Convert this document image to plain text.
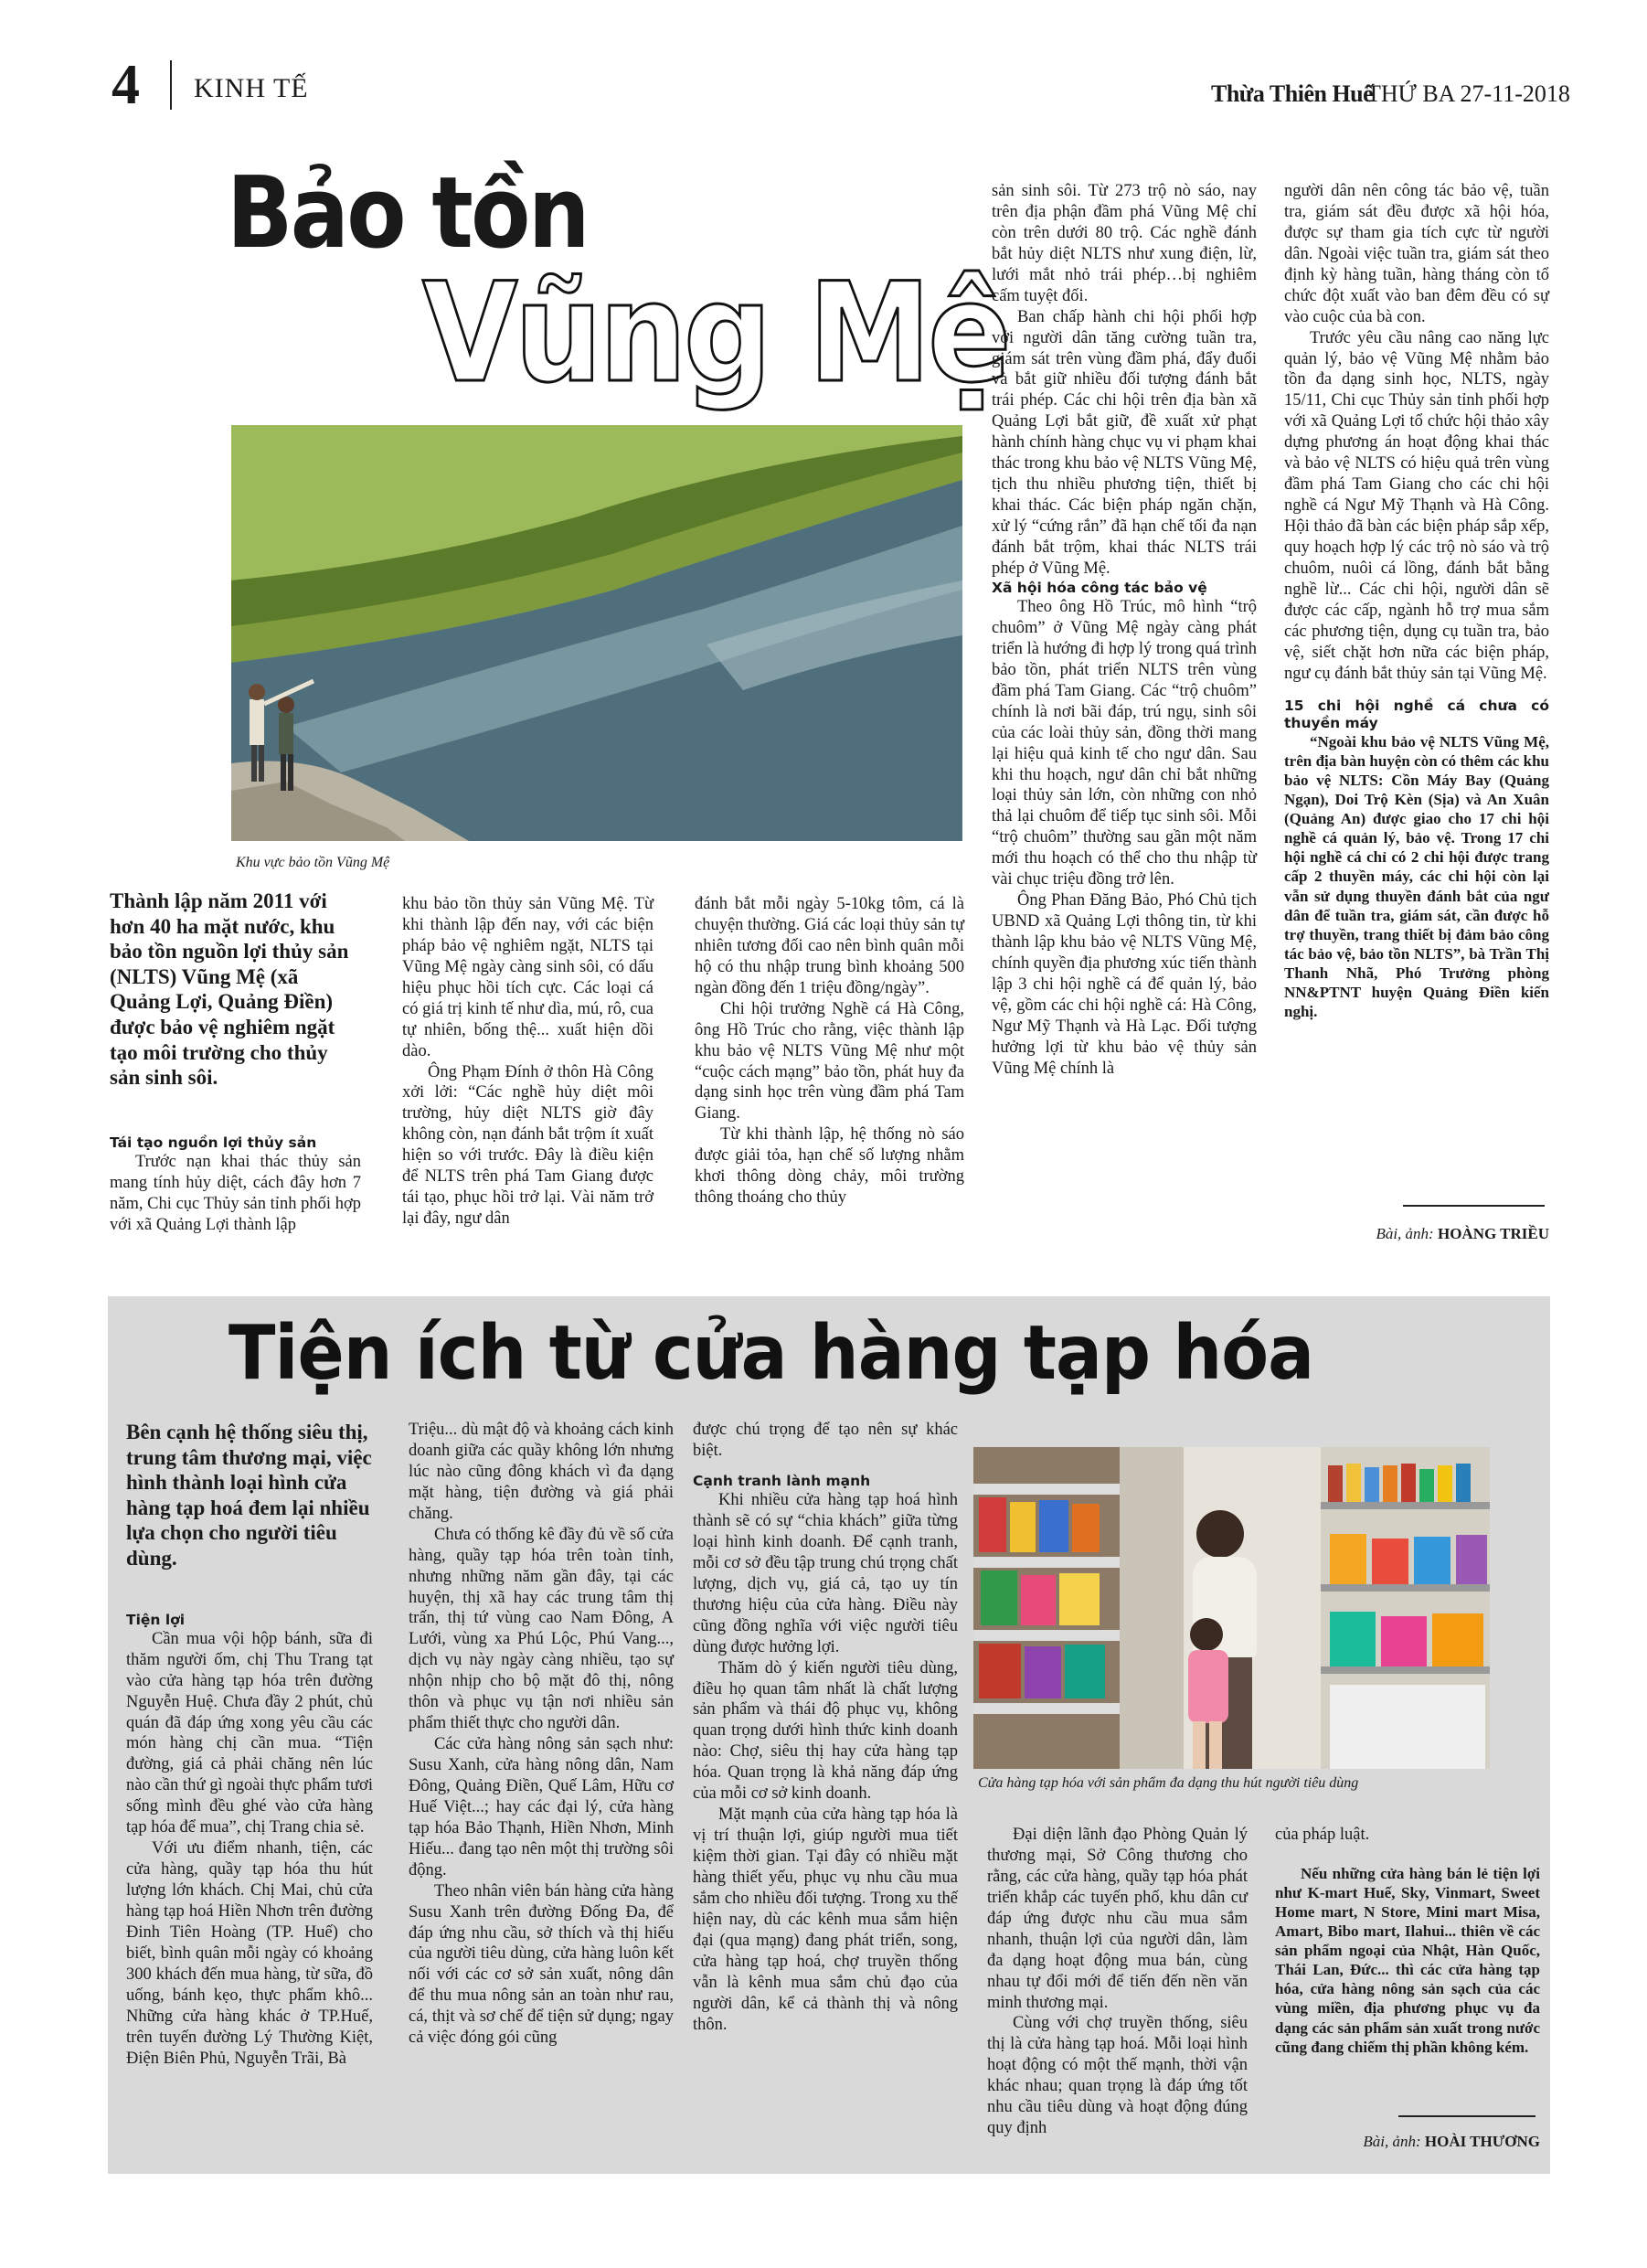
4 KINH TẾ	Thừa Thiên Huế
THỨ BA 27-11-2018
Bảo tồn
Vũng Mệ
Khu vực bảo tồn Vũng Mệ

Thành lập năm 2011 với hơn 40 ha mặt nước, khu bảo tồn nguồn lợi thủy sản (NLTS) Vũng Mệ (xã Quảng Lợi, Quảng Điền) được bảo vệ nghiêm ngặt tạo môi trường cho thủy sản sinh sôi.

Tái tạo nguồn lợi thủy sản

Trước nạn khai thác thủy sản mang tính hủy diệt, cách đây hơn 7 năm, Chi cục Thủy sản tỉnh phối hợp với xã Quảng Lợi thành lập

khu bảo tồn thủy sản Vũng Mệ. Từ khi thành lập đến nay, với các biện pháp bảo vệ nghiêm ngặt, NLTS tại Vũng Mệ ngày càng sinh sôi, có dấu hiệu phục hồi tích cực. Các loại cá có giá trị kinh tế như dìa, mú, rô, cua tự nhiên, bống thệ... xuất hiện dồi dào.

Ông Phạm Đính ở thôn Hà Công xởi lởi: “Các nghề hủy diệt môi trường, hủy diệt NLTS giờ đây không còn, nạn đánh bắt trộm ít xuất hiện so với trước. Đây là điều kiện để NLTS trên phá Tam Giang được tái tạo, phục hồi trở lại. Vài năm trở lại đây, ngư dân

đánh bắt mỗi ngày 5-10kg tôm, cá là chuyện thường. Giá các loại thủy sản tự nhiên tương đối cao nên bình quân mỗi hộ có thu nhập trung bình khoảng 500 ngàn đồng đến 1 triệu đồng/ngày”.

Chi hội trưởng Nghề cá Hà Công, ông Hồ Trúc cho rằng, việc thành lập khu bảo vệ NLTS Vũng Mệ như một “cuộc cách mạng” bảo tồn, phát huy đa dạng sinh học trên vùng đầm phá Tam Giang.

Từ khi thành lập, hệ thống nò sáo được giải tỏa, hạn chế số lượng nhằm khơi thông dòng chảy, môi trường thông thoáng cho thủy

sản sinh sôi. Từ 273 trộ nò sáo, nay trên địa phận đầm phá Vũng Mệ chỉ còn trên dưới 80 trộ. Các nghề đánh bắt hủy diệt NLTS như xung điện, lừ, lưới mắt nhỏ trái phép…bị nghiêm cấm tuyệt đối.

Ban chấp hành chi hội phối hợp với người dân tăng cường tuần tra, giám sát trên vùng đầm phá, đẩy đuổi và bắt giữ nhiều đối tượng đánh bắt trái phép. Các chi hội trên địa bàn xã Quảng Lợi bắt giữ, đề xuất xử phạt hành chính hàng chục vụ vi phạm khai thác trong khu bảo vệ NLTS Vũng Mệ, tịch thu nhiều phương tiện, thiết bị khai thác. Các biện pháp ngăn chặn, xử lý “cứng rắn” đã hạn chế tối đa nạn đánh bắt trộm, khai thác NLTS trái phép ở Vũng Mệ.

Xã hội hóa công tác bảo vệ

Theo ông Hồ Trúc, mô hình “trộ chuôm” ở Vũng Mệ ngày càng phát triển là hướng đi hợp lý trong quá trình bảo tồn, phát triển NLTS trên vùng đầm phá Tam Giang. Các “trộ chuôm” chính là nơi bãi đáp, trú ngụ, sinh sôi của các loài thủy sản, đồng thời mang lại hiệu quả kinh tế cho ngư dân. Sau khi thu hoạch, ngư dân chỉ bắt những loại thủy sản lớn, còn những con nhỏ thả lại chuôm để tiếp tục sinh sôi. Mỗi “trộ chuôm” thường sau gần một năm mới thu hoạch có thể cho thu nhập từ vài chục triệu đồng trở lên.

Ông Phan Đăng Bảo, Phó Chủ tịch UBND xã Quảng Lợi thông tin, từ khi thành lập khu bảo vệ NLTS Vũng Mệ, chính quyền địa phương xúc tiến thành lập 3 chi hội nghề cá để quản lý, bảo vệ, gồm các chi hội nghề cá: Hà Công, Ngư Mỹ Thạnh và Hà Lạc. Đối tượng hưởng lợi từ khu bảo vệ thủy sản Vũng Mệ chính là

người dân nên công tác bảo vệ, tuần tra, giám sát đều được xã hội hóa, được sự tham gia tích cực từ người dân. Ngoài việc tuần tra, giám sát theo định kỳ hàng tuần, hàng tháng còn tổ chức đột xuất vào ban đêm đều có sự vào cuộc của bà con.

Trước yêu cầu nâng cao năng lực quản lý, bảo vệ Vũng Mệ nhằm bảo tồn đa dạng sinh học, NLTS, ngày 15/11, Chi cục Thủy sản tỉnh phối hợp với xã Quảng Lợi tổ chức hội thảo xây dựng phương án hoạt động khai thác và bảo vệ NLTS có hiệu quả trên vùng đầm phá Tam Giang cho các chi hội nghề cá Ngư Mỹ Thạnh và Hà Công. Hội thảo đã bàn các biện pháp sắp xếp, quy hoạch hợp lý các trộ nò sáo và trộ chuôm, nuôi cá lồng, đánh bắt bằng nghề lừ... Các chi hội, người dân sẽ được các cấp, ngành hỗ trợ mua sắm các phương tiện, dụng cụ tuần tra, bảo vệ, siết chặt hơn nữa các biện pháp, ngư cụ đánh bắt thủy sản tại Vũng Mệ.

15 chi hội nghề cá chưa có thuyền máy

“Ngoài khu bảo vệ NLTS Vũng Mệ, trên địa bàn huyện còn có thêm các khu bảo vệ NLTS: Cồn Máy Bay (Quảng Ngạn), Doi Trộ Kèn (Sịa) và An Xuân (Quảng An) được giao cho 17 chi hội nghề cá quản lý, bảo vệ. Trong 17 chi hội nghề cá chỉ có 2 chi hội được trang cấp 2 thuyền máy, các chi hội còn lại vẫn sử dụng thuyền đánh bắt của ngư dân để tuần tra, giám sát, cần được hỗ trợ thuyền, trang thiết bị đảm bảo công tác bảo vệ, bảo tồn NLTS”, bà Trần Thị Thanh Nhã, Phó Trưởng phòng NN&PTNT huyện Quảng Điền kiến nghị.

Bài, ảnh: HOÀNG TRIỀU
Tiện ích từ cửa hàng tạp hóa

Bên cạnh hệ thống siêu thị, trung tâm thương mại, việc hình thành loại hình cửa hàng tạp hoá đem lại nhiều lựa chọn cho người tiêu dùng.

Tiện lợi

Cần mua vội hộp bánh, sữa đi thăm người ốm, chị Thu Trang tạt vào cửa hàng tạp hóa trên đường Nguyễn Huệ. Chưa đầy 2 phút, chủ quán đã đáp ứng xong yêu cầu các món hàng chị cần mua. “Tiện đường, giá cả phải chăng nên lúc nào cần thứ gì ngoài thực phẩm tươi sống mình đều ghé vào cửa hàng tạp hóa để mua”, chị Trang chia sẻ.

Với ưu điểm nhanh, tiện, các cửa hàng, quầy tạp hóa thu hút lượng lớn khách. Chị Mai, chủ cửa hàng tạp hoá Hiền Nhơn trên đường Đinh Tiên Hoàng (TP. Huế) cho biết, bình quân mỗi ngày có khoảng 300 khách đến mua hàng, từ sữa, đồ uống, bánh kẹo, thực phẩm khô... Những cửa hàng khác ở TP.Huế, trên tuyến đường Lý Thường Kiệt, Điện Biên Phủ, Nguyễn Trãi, Bà

Triệu... dù mật độ và khoảng cách kinh doanh giữa các quầy không lớn nhưng lúc nào cũng đông khách vì đa dạng mặt hàng, tiện đường và giá phải chăng.

Chưa có thống kê đầy đủ về số cửa hàng, quầy tạp hóa trên toàn tỉnh, nhưng những năm gần đây, tại các huyện, thị xã hay các trung tâm thị trấn, thị tứ vùng cao Nam Đông, A Lưới, vùng xa Phú Lộc, Phú Vang..., dịch vụ này ngày càng nhiều, tạo sự nhộn nhịp cho bộ mặt đô thị, nông thôn và phục vụ tận nơi nhiều sản phẩm thiết thực cho người dân.

Các cửa hàng nông sản sạch như: Susu Xanh, cửa hàng nông dân, Nam Đông, Quảng Điền, Quế Lâm, Hữu cơ Huế Việt...; hay các đại lý, cửa hàng tạp hóa Bảo Thạnh, Hiền Nhơn, Minh Hiếu... đang tạo nên một thị trường sôi động.

Theo nhân viên bán hàng cửa hàng Susu Xanh trên đường Đống Đa, để đáp ứng nhu cầu, sở thích và thị hiếu của người tiêu dùng, cửa hàng luôn kết nối với các cơ sở sản xuất, nông dân để thu mua nông sản an toàn như rau, cá, thịt và sơ chế để tiện sử dụng; ngay cả việc đóng gói cũng

được chú trọng để tạo nên sự khác biệt.

Cạnh tranh lành mạnh

Khi nhiều cửa hàng tạp hoá hình thành sẽ có sự “chia khách” giữa từng loại hình kinh doanh. Để cạnh tranh, mỗi cơ sở đều tập trung chú trọng chất lượng, dịch vụ, giá cả, tạo uy tín thương hiệu của cửa hàng. Điều này cũng đồng nghĩa với việc người tiêu dùng được hưởng lợi.

Thăm dò ý kiến người tiêu dùng, điều họ quan tâm nhất là chất lượng sản phẩm và thái độ phục vụ, không quan trọng dưới hình thức kinh doanh nào: Chợ, siêu thị hay cửa hàng tạp hóa. Quan trọng là khả năng đáp ứng của mỗi cơ sở kinh doanh.

Mặt mạnh của cửa hàng tạp hóa là vị trí thuận lợi, giúp người mua tiết kiệm thời gian. Tại đây có nhiều mặt hàng thiết yếu, phục vụ nhu cầu mua sắm cho nhiều đối tượng. Trong xu thế hiện nay, dù các kênh mua sắm hiện đại (qua mạng) đang phát triển, song, cửa hàng tạp hoá, chợ truyền thống vẫn là kênh mua sắm chủ đạo của người dân, kể cả thành thị và nông thôn.

Cửa hàng tạp hóa với sản phẩm đa dạng thu hút người tiêu dùng

Đại diện lãnh đạo Phòng Quản lý thương mại, Sở Công thương cho rằng, các cửa hàng, quầy tạp hóa phát triển khắp các tuyến phố, khu dân cư đáp ứng được nhu cầu mua sắm nhanh, thuận lợi của người dân, làm đa dạng hoạt động mua bán, cùng nhau tự đổi mới để tiến đến nền văn minh thương mại.

Cùng với chợ truyền thống, siêu thị là cửa hàng tạp hoá. Mỗi loại hình hoạt động có một thế mạnh, thời vận khác nhau; quan trọng là đáp ứng tốt nhu cầu tiêu dùng và hoạt động đúng quy định

của pháp luật.

Nếu những cửa hàng bán lẻ tiện lợi như K-mart Huế, Sky, Vinmart, Sweet Home mart, N Store, Mini mart Misa, Amart, Bibo mart, Ilahui... thiên về các sản phẩm ngoại của Nhật, Hàn Quốc, Thái Lan, Đức... thì các cửa hàng tạp hóa, cửa hàng nông sản sạch của các vùng miền, địa phương phục vụ đa dạng các sản phẩm sản xuất trong nước cũng đang chiếm thị phần không kém.

Bài, ảnh: HOÀI THƯƠNG
